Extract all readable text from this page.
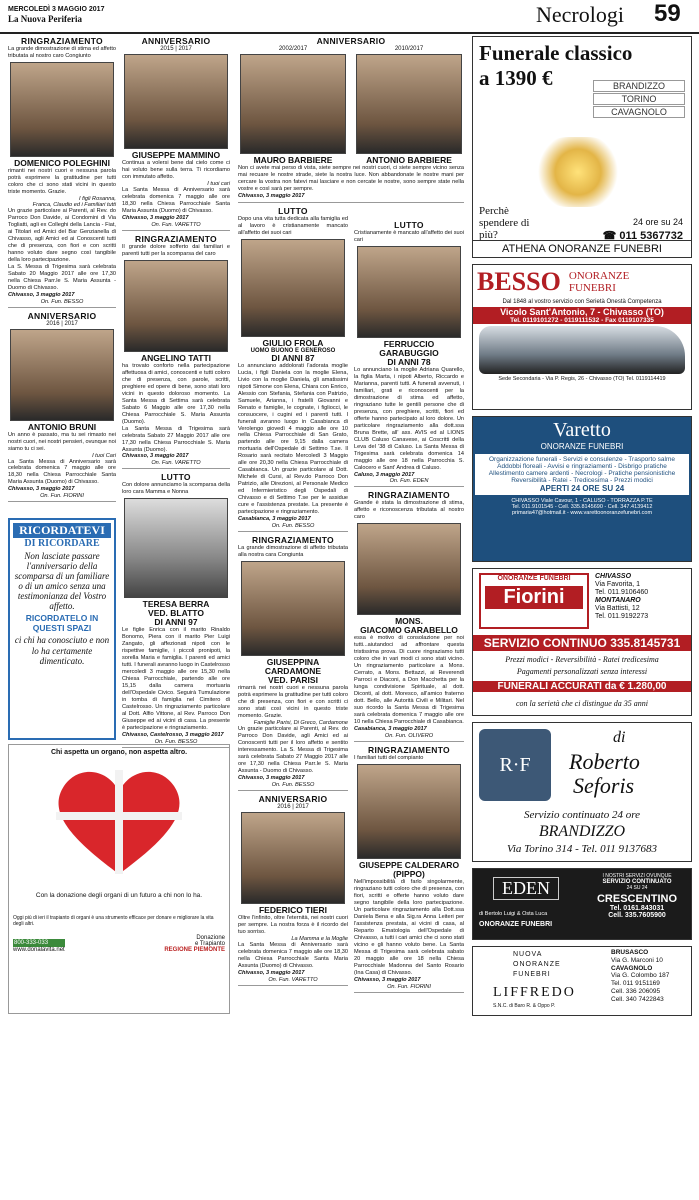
MERCOLEDÌ 3 MAGGIO 2017
La Nuova Periferia	Necrologi 59
RINGRAZIAMENTO
La grande dimostrazione di stima ed affetto tributata al nostro caro Congiunto
DOMENICO POLEGHINI
rimanti nei nostri cuori e nessuna parola potrà esprimere la gratitudine per tutti coloro che ci sono stati vicini in questo triste momento. Grazie.
I figli Rosanna,
Franca, Claudio ed i Familiari tutti
Un grazie particolare ai Parenti, al Rev. do Parroco Don Davide, ai Condomini di Via Togliatti, agli ex Colleghi della Lancia - Fiat, ai Titolari ed Amici del Bar Genzianella di Chivasso, agli Amici ed ai Conoscenti tutti che di presenza, con fiori e con scritti hanno voluto dare segno così tangibile della loro partecipazione.
La S. Messa di Trigesima sarà celebrata Sabato 20 Maggio 2017 alle ore 17,30 nella Chiesa Parr.le S. Maria Assunta - Duomo di Chivasso.
Chivasso, 3 maggio 2017
On. Fun. BESSO
ANNIVERSARIO
2016 | 2017
ANTONIO BRUNI
Un anno è passato, ma tu sei rimasto nei nostri cuori, nei nostri pensieri, ovunque noi siamo tu ci sei.
I tuoi Cari
La Santa Messa di Anniversario sarà celebrata domenica 7 maggio alle ore 18,30 nella Chiesa Parrocchiale Santa Maria Assunta (Duomo) di Chivasso.
Chivasso, 3 maggio 2017
On. Fun. FIORINI
RICORDATEVI
DI RICORDARE
Non lasciate passare l'anniversario della scomparsa di un familiare o di un amico senza una testimonianza del Vostro affetto.
RICORDATELO IN QUESTI SPAZI
ci chi ha conosciuto e non lo ha certamente dimenticato.
Chi aspetta un organo, non aspetta altro.
Con la donazione degli organi di un futuro a chi non lo ha.
Oggi più di ieri il trapianto di organi è una strumento efficace per donare e migliorare la vita degli altri.
800-333-033
www.donalavita.net
Donazione
e Trapianto
REGIONE PIEMONTE
ANNIVERSARIO
2015 | 2017
GIUSEPPE MAMMINO
Continua a volersi bene dal cielo come ci hai voluto bene sulla terra. Ti ricordiamo con immutato affetto.
I tuoi cari
La Santa Messa di Anniversario sarà celebrata domenica 7 maggio alle ore 18,30 nella Chiesa Parrocchiale Santa Maria Assunta (Duomo) di Chivasso.
Chivasso, 3 maggio 2017
On. Fun. VARETTO
RINGRAZIAMENTO
Il grande dolore sofferto dai familiari e parenti tutti per la scomparsa del caro
ANGELINO TATTI
ha trovato conforto nella partecipazione affettuosa di amici, conoscenti e tutti coloro che di presenza, con parole, scritti, preghiere ed opere di bene, sono stati loro vicini in questo doloroso momento. La Santa Messa di Settima sarà celebrata Sabato 6 Maggio alle ore 17,30 nella Chiesa Parrocchiale S. Maria Assunta (Duomo).
La Santa Messa di Trigesima sarà celebrata Sabato 27 Maggio 2017 alle ore 17,30 nella Chiesa Parrocchiale S. Maria Assunta (Duomo).
Chivasso, 3 maggio 2017
On. Fun. VARETTO
LUTTO
Con dolore annunciamo la scomparsa della loro cara Mamma e Nonna
TERESA BERRA
VED. BLATTO
DI ANNI 97
Le figlie Enrica con il marito Rinaldo Bonomo, Piera con il marito Pier Luigi Zangato, gli affezionati nipoti con le rispettive famiglie, i piccoli pronipoti, la sorella Maria e famiglia. I parenti ed amici tutti. I funerali avranno luogo in Castelrosso mercoledì 3 maggio alle ore 15,30 nella Chiesa Parrocchiale, partendo alle ore 15,15 dalla camera mortuaria dell'Ospedale Civico. Seguirà Tumulazione in tomba di famiglia nel Cimitero di Castelrosso. Un ringraziamento particolare al Dott. Alfio Vittone, al Rev. Parroco Don Giuseppe ed ai vicini di casa. La presente è partecipazione e ringraziamento.
Chivasso, Castelrosso, 3 maggio 2017
On. Fun. BESSO
ANNIVERSARIO
2002/2017
MAURO BARBIERE
2010/2017
ANTONIO BARBIERE
Non ci avete mai perso di vista, siete sempre nei nostri cuori, ci siete sempre vicino senza mai recuare le nostre strade, siete la nostra luce. Non abbandonate le nostre mani per cercare la vostra non fatevi mai lasciare e non cercate le nostre, sono sempre state nella vostre e così sarà per sempre.
Chivasso, 3 maggio 2017
LUTTO
Dopo una vita tutta dedicata alla famiglia ed al lavoro è cristianamente mancato all'affetto dei suoi cari
GIULIO FROLA
UOMO BUONO E GENEROSO
DI ANNI 87
Lo annunciano addolorati l'adorata moglie Lucia, i figli Daniela con la moglie Elena, Livio con la moglie Daniela, gli amatissimi nipoti Simone con Elena, Chiara con Enrico, Alessio con Stefania, Stefania con Patrizio, Samuele, Arianna, i fratelli Giovanni e Renato e famiglie, le cognate, i figliocci, le consuocere, i cugini ed i parenti tutti. I funerali avranno luogo in Casabianca di Verolengo giovedì 4 maggio alle ore 10 nella Chiesa Parrocchiale di San Grato, partendo alle ore 9,15 dalla camera mortuaria dell'Ospedale di Settimo T.se. Il Rosario sarà recitato Mercoledì 3 Maggio alle ore 20,30 nella Chiesa Parrocchiale di Casabianca. Un grazie particolare al Dott. Michele di Cursi, al Rev.do Parroco Don Patrizio, alle Direzioni, al Personale Medico ed Infermieristico degli Ospedali di Chivasso e di Settimo T.se per le assidue cure e l'assistenza prestate. La presente è partecipazione e ringraziamento.
Casabianca, 3 maggio 2017
On. Fun. BESSO
RINGRAZIAMENTO
La grande dimostrazione di affetto tributata alla nostra cara Congiunta
GIUSEPPINA CARDAMONE
VED. PARISI
rimarrà nei nostri cuori e nessuna parola potrà esprimere la gratitudine per tutti coloro che di presenza, con fiori e con scritti ci sono stati così vicini in questo triste momento. Grazie.
Famiglie Parisi, Di Greco, Cardamone
Un grazie particolare ai Parenti, al Rev. do Parroco Don Davide, agli Amici ed ai Conoscenti tutti per il loro affetto e sentito interessamento. La S. Messa di Trigesima sarà celebrata Sabato 27 Maggio 2017 alle ore 17,30 nella Chiesa Parr.le S. Maria Assunta - Duomo di Chivasso.
Chivasso, 3 maggio 2017
On. Fun. BESSO
ANNIVERSARIO
2016 | 2017
FEDERICO TIERI
Oltre l'infinito, oltre l'eternità, nei nostri cuori per sempre. La nostra forza è il ricordo del tuo sorriso.
La Mamma e la Moglie
La Santa Messa di Anniversario sarà celebrata domenica 7 maggio alle ore 18,30 nella Chiesa Parrocchiale Santa Maria Assunta (Duomo) di Chivasso.
Chivasso, 3 maggio 2017
On. Fun. VARETTO
LUTTO
Cristianamente è mancato all'affetto dei suoi cari
FERRUCCIO
GARABUGGIO
DI ANNI 78
Lo annunciano la moglie Adriana Quarello, la figlia Marta, i nipoti Alberto, Riccardo e Marianna, parenti tutti. A funerali avvenuti, i familiari, grati e riconoscenti per la dimostrazione di stima ed affetto, ringraziano tutte le gentili persone che di presenza, con preghiere, scritti, fiori ed offerte hanno partecipato al loro dolore. Un particolare ringraziamento alla dott.ssa Bruna Brette, all' ass. AVIS ed al LIONS CLUB Caluso Canavese, ai Coscritti della Leva del '38 di Caluso. La Santa Messa di Trigesima sarà celebrata domenica 14 maggio alle ore 18 nella Parrocchia S. Calocero e Sant' Andrea di Caluso.
Caluso, 3 maggio 2017
On. Fun. EDEN
RINGRAZIAMENTO
Grande è stata la dimostrazione di stima, affetto e riconoscenza tributata al nostro caro
MONS.
GIACOMO GARABELLO
essa è motivo di consolazione per noi tutti...aiutandoci ad affrontare questa tristissima prova. Di cuore ringraziamo tutti coloro che in vari modi ci sono stati vicino. Un ringraziamento particolare a Mons. Cerrato, a Mons. Bettazzi, ai Reverendi Parroci e Diaconi, a Don Macchetta per la lunga condivisione Spirituale, al dott. Diconti, al dott. Moresco, all'amico fraterno dott. Bello, alle Autorità Civili e Militari. Nel suo ricordo la Santa Messa di Trigesima sarà celebrata domenica 7 maggio alle ore 10 nella Chiesa Parrocchiale di Casabianca.
Casabianca, 3 maggio 2017
On. Fun. OLIVERO
RINGRAZIAMENTO
I familiari tutti del compianto
GIUSEPPE CALDERARO
(PIPPO)
Nell'impossibilità di farlo singolarmente, ringraziano tutti coloro che di presenza, con fiori, scritti e offerte hanno voluto dare segno tangibile della loro partecipazione. Un particolare ringraziamento alla Dott.ssa Daniela Bena e alla Sig.ra Anna Leiteri per l'assistenza prestata, ai vicini di casa, al Reparto Ematologia dell'Ospedale di Chivasso, a tutti i cari amici che ci sono stati vicino e gli hanno voluto bene. La Santa Messa di Trigesima sarà celebrata sabato 20 maggio alle ore 18 nella Chiesa Parrocchiale Madonna del Santo Rosario (Ina Casa) di Chivasso.
Chivasso, 3 maggio 2017
On. Fun. FIORINI
Funerale classico
a 1390 €	BRANDIZZO
TORINO
CAVAGNOLO
Perchè spendere di più?
24 ore su 24
☎ 011 5367732
ATHENA ONORANZE FUNEBRI
BESSO ONORANZE
FUNEBRI
Dal 1848 al vostro servizio con Serietà Onestà Competenza
Vicolo Sant'Antonio, 7 - Chivasso (TO)
Tel. 0119101272 - 0119111532 - Fax 0119107335
Sede Secondaria - Via P. Regis, 26 - Chivasso (TO) Tel. 0119114419
Varetto
ONORANZE FUNEBRI
Organizzazione funerali - Servizi e consulenze - Trasporto salme
Addobbi floreali - Avvisi e ringraziamenti - Disbrigo pratiche
Allestimento camere ardenti - Necrologi - Pratiche pensionistiche
Reversibilità - Ratei - Tredicesima - Prezzi modici
APERTI 24 ORE SU 24
CHIVASSO Viale Cavour, 1 - CALUSO - TORRAZZA P.TE
Tel. 011.9101545 - Cell. 335.8145690 - Cell. 347.4139412
primaria47@hotmail.it - www.varettoonoranzefunebri.com
ONORANZE FUNEBRI
Fiorini
CHIVASSO
Via Favorita, 1
Tel. 011.9106460
MONTANARO
Via Battisti, 12
Tel. 011.9192273
SERVIZIO CONTINUO 335.8145731
Prezzi modici - Reversibilità - Ratei tredicesima
Pagamenti personalizzati senza interessi
FUNERALI ACCURATI da € 1.280,00
con la serietà che ci distingue da 35 anni
R·F
di
Roberto
Seforis
Servizio continuato 24 ore
BRANDIZZO
Via Torino 314 - Tel. 011 9137683
EDEN
I NOSTRI SERVIZI OVUNQUE
SERVIZIO CONTINUATO
24 SU 24
CRESCENTINO
Tel. 0161.843031
Cell. 335.7605900
di Bertolo Luigi & Osta Luca
ONORANZE FUNEBRI
NUOVA
ONORANZE
FUNEBRI
LIFFREDO
S.N.C. di Baro R. & Oppo P.
BRUSASCO
Via G. Marconi 10
CAVAGNOLO
Via G. Colombo 187
Tel. 011 9151169
Cell. 336 206095
Cell. 340 7422843
